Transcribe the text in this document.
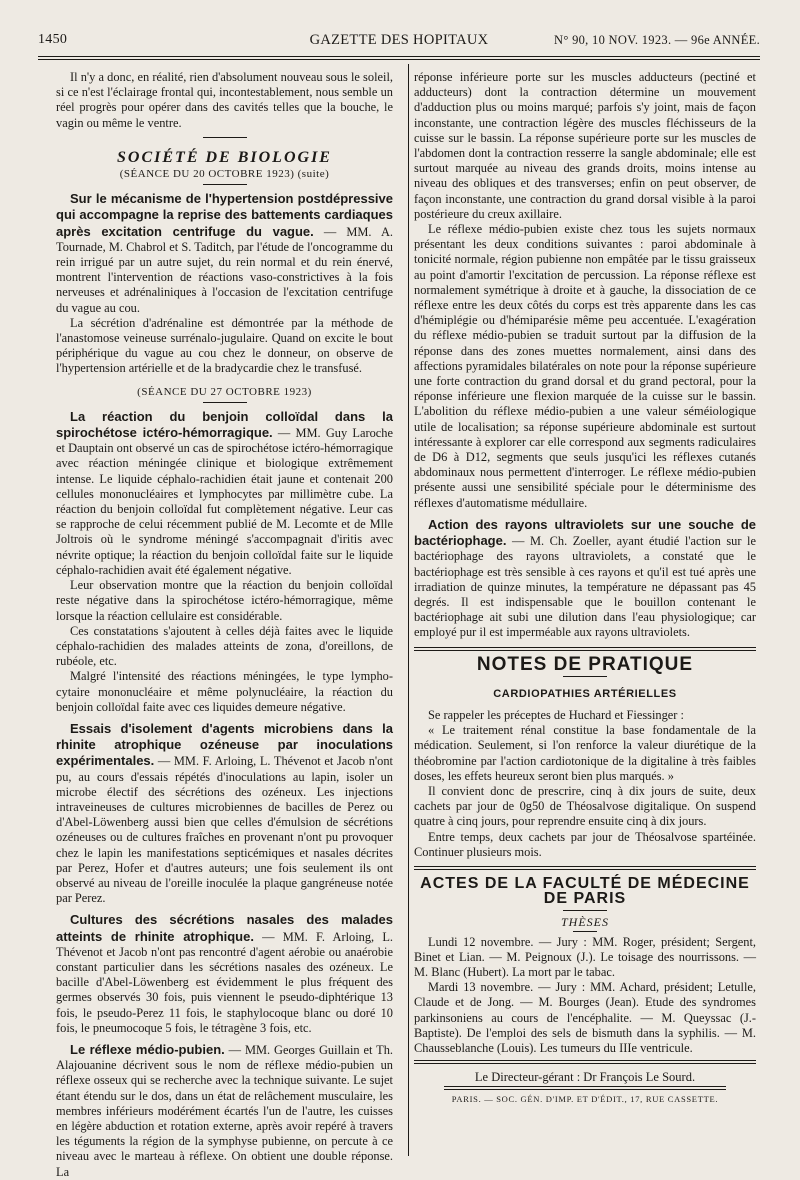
1450	GAZETTE DES HOPITAUX	N° 90, 10 NOV. 1923. — 96e ANNÉE.

Il n'y a donc, en réalité, rien d'absolument nouveau sous le soleil, si ce n'est l'éclairage frontal qui, incontestablement, nous semble un réel progrès pour opérer dans des cavités telles que la bouche, le vagin ou même le ventre.

SOCIÉTÉ DE BIOLOGIE
(SÉANCE DU 20 OCTOBRE 1923) (suite)

Sur le mécanisme de l'hypertension postdépressive qui accompagne la reprise des battements cardiaques après excitation centrifuge du vague. — MM. A. Tournade, M. Chabrol et S. Taditch, par l'étude de l'oncogramme du rein irrigué par un autre sujet, du rein normal et du rein énervé, montrent l'intervention de réactions vaso-constrictives à la fois nerveuses et adrénaliniques à l'occasion de l'excitation centrifuge du vague au cou.

La sécrétion d'adrénaline est démontrée par la méthode de l'anastomose veineuse surrénalo-jugulaire. Quand on excite le bout périphérique du vague au cou chez le donneur, on observe de l'hypertension artérielle et de la bradycardie chez le transfusé.

(SÉANCE DU 27 OCTOBRE 1923)

La réaction du benjoin colloïdal dans la spirochétose ictéro-hémorragique. — MM. Guy Laroche et Dauptain ont observé un cas de spirochétose ictéro-hémorragique avec réaction méningée clinique et biologique extrêmement intense. Le liquide céphalo-rachidien était jaune et contenait 200 cellules mononucléaires et lymphocytes par millimètre cube. La réaction du benjoin colloïdal fut complètement négative. Leur cas se rapproche de celui récemment publié de M. Lecomte et de Mlle Joltrois où le syndrome méningé s'accompagnait d'iritis avec névrite optique; la réaction du benjoin colloïdal faite sur le liquide céphalo-rachidien avait été également négative.

Leur observation montre que la réaction du benjoin colloïdal reste négative dans la spirochétose ictéro-hémorragique, même lorsque la réaction cellulaire est considérable.

Ces constatations s'ajoutent à celles déjà faites avec le liquide céphalo-rachidien des malades atteints de zona, d'oreillons, de rubéole, etc.

Malgré l'intensité des réactions méningées, le type lympho-cytaire mononucléaire et même polynucléaire, la réaction du benjoin colloïdal faite avec ces liquides demeure négative.

Essais d'isolement d'agents microbiens dans la rhinite atrophique ozéneuse par inoculations expérimentales. — MM. F. Arloing, L. Thévenot et Jacob n'ont pu, au cours d'essais répétés d'inoculations au lapin, isoler un microbe électif des sécrétions des ozéneux. Les injections intraveineuses de cultures microbiennes de bacilles de Perez ou d'Abel-Löwenberg aussi bien que celles d'émulsion de sécrétions ozéneuses ou de cultures fraîches en provenant n'ont pu provoquer chez le lapin les manifestations septicémiques et nasales décrites par Perez, Hofer et d'autres auteurs; une fois seulement ils ont observé au niveau de l'oreille inoculée la plaque gangréneuse notée par Perez.

Cultures des sécrétions nasales des malades atteints de rhinite atrophique. — MM. F. Arloing, L. Thévenot et Jacob n'ont pas rencontré d'agent aérobie ou anaérobie constant particulier dans les sécrétions nasales des ozéneux. Le bacille d'Abel-Löwenberg est évidemment le plus fréquent des germes observés 30 fois, puis viennent le pseudo-diphtérique 13 fois, le pseudo-Perez 11 fois, le staphylocoque blanc ou doré 10 fois, le pneumocoque 5 fois, le tétragène 3 fois, etc.

Le réflexe médio-pubien. — MM. Georges Guillain et Th. Alajouanine décrivent sous le nom de réflexe médio-pubien un réflexe osseux qui se recherche avec la technique suivante. Le sujet étant étendu sur le dos, dans un état de relâchement musculaire, les membres inférieurs modérément écartés l'un de l'autre, les cuisses en légère abduction et rotation externe, après avoir repéré à travers les téguments la région de la symphyse pubienne, on percute à ce niveau avec le marteau à réflexe. On obtient une double réponse. La

réponse inférieure porte sur les muscles adducteurs (pectiné et adducteurs) dont la contraction détermine un mouvement d'adduction plus ou moins marqué; parfois s'y joint, mais de façon inconstante, une contraction légère des muscles fléchisseurs de la cuisse sur le bassin. La réponse supérieure porte sur les muscles de l'abdomen dont la contraction resserre la sangle abdominale; elle est surtout marquée au niveau des grands droits, moins intense au niveau des obliques et des transverses; enfin on peut observer, de façon inconstante, une contraction du grand dorsal visible à la paroi postérieure du creux axillaire.

Le réflexe médio-pubien existe chez tous les sujets normaux présentant les deux conditions suivantes : paroi abdominale à tonicité normale, région pubienne non empâtée par le tissu graisseux au point d'amortir l'excitation de percussion. La réponse réflexe est normalement symétrique à droite et à gauche, la dissociation de ce réflexe entre les deux côtés du corps est très apparente dans les cas d'hémiplégie ou d'hémiparésie même peu accentuée. L'exagération du réflexe médio-pubien se traduit surtout par la diffusion de la réponse dans des zones muettes normalement, ainsi dans des affections pyramidales bilatérales on note pour la réponse supérieure une forte contraction du grand dorsal et du grand pectoral, pour la réponse inférieure une flexion marquée de la cuisse sur le bassin. L'abolition du réflexe médio-pubien a une valeur séméiologique utile de localisation; sa réponse supérieure abdominale est surtout intéressante à explorer car elle correspond aux segments radiculaires de D6 à D12, segments que seuls jusqu'ici les réflexes cutanés abdominaux nous permettent d'interroger. Le réflexe médio-pubien présente aussi une sensibilité spéciale pour le déterminisme des réflexes d'automatisme médullaire.

Action des rayons ultraviolets sur une souche de bactériophage. — M. Ch. Zoeller, ayant étudié l'action sur le bactériophage des rayons ultraviolets, a constaté que le bactériophage est très sensible à ces rayons et qu'il est tué après une irradiation de quinze minutes, la température ne dépassant pas 45 degrés. Il est indispensable que le bouillon contenant le bactériophage ait subi une dilution dans l'eau physiologique; car employé pur il est imperméable aux rayons ultraviolets.

NOTES DE PRATIQUE
CARDIOPATHIES ARTÉRIELLES

Se rappeler les préceptes de Huchard et Fiessinger :

« Le traitement rénal constitue la base fondamentale de la médication. Seulement, si l'on renforce la valeur diurétique de la théobromine par l'action cardiotonique de la digitaline à très faibles doses, les effets heureux seront bien plus marqués. »

Il convient donc de prescrire, cinq à dix jours de suite, deux cachets par jour de 0g50 de Théosalvose digitalique. On suspend quatre à cinq jours, pour reprendre ensuite cinq à dix jours.

Entre temps, deux cachets par jour de Théosalvose spartéinée. Continuer plusieurs mois.

ACTES DE LA FACULTÉ DE MÉDECINE DE PARIS
THÈSES

Lundi 12 novembre. — Jury : MM. Roger, président; Sergent, Binet et Lian. — M. Peignoux (J.). Le toisage des nourrissons. — M. Blanc (Hubert). La mort par le tabac.

Mardi 13 novembre. — Jury : MM. Achard, président; Letulle, Claude et de Jong. — M. Bourges (Jean). Etude des syndromes parkinsoniens au cours de l'encéphalite. — M. Queyssac (J.-Baptiste). De l'emploi des sels de bismuth dans la syphilis. — M. Chausseblanche (Louis). Les tumeurs du IIIe ventricule.

Le Directeur-gérant : Dr François Le Sourd.
PARIS. — SOC. GÉN. D'IMP. ET D'ÉDIT., 17, RUE CASSETTE.
